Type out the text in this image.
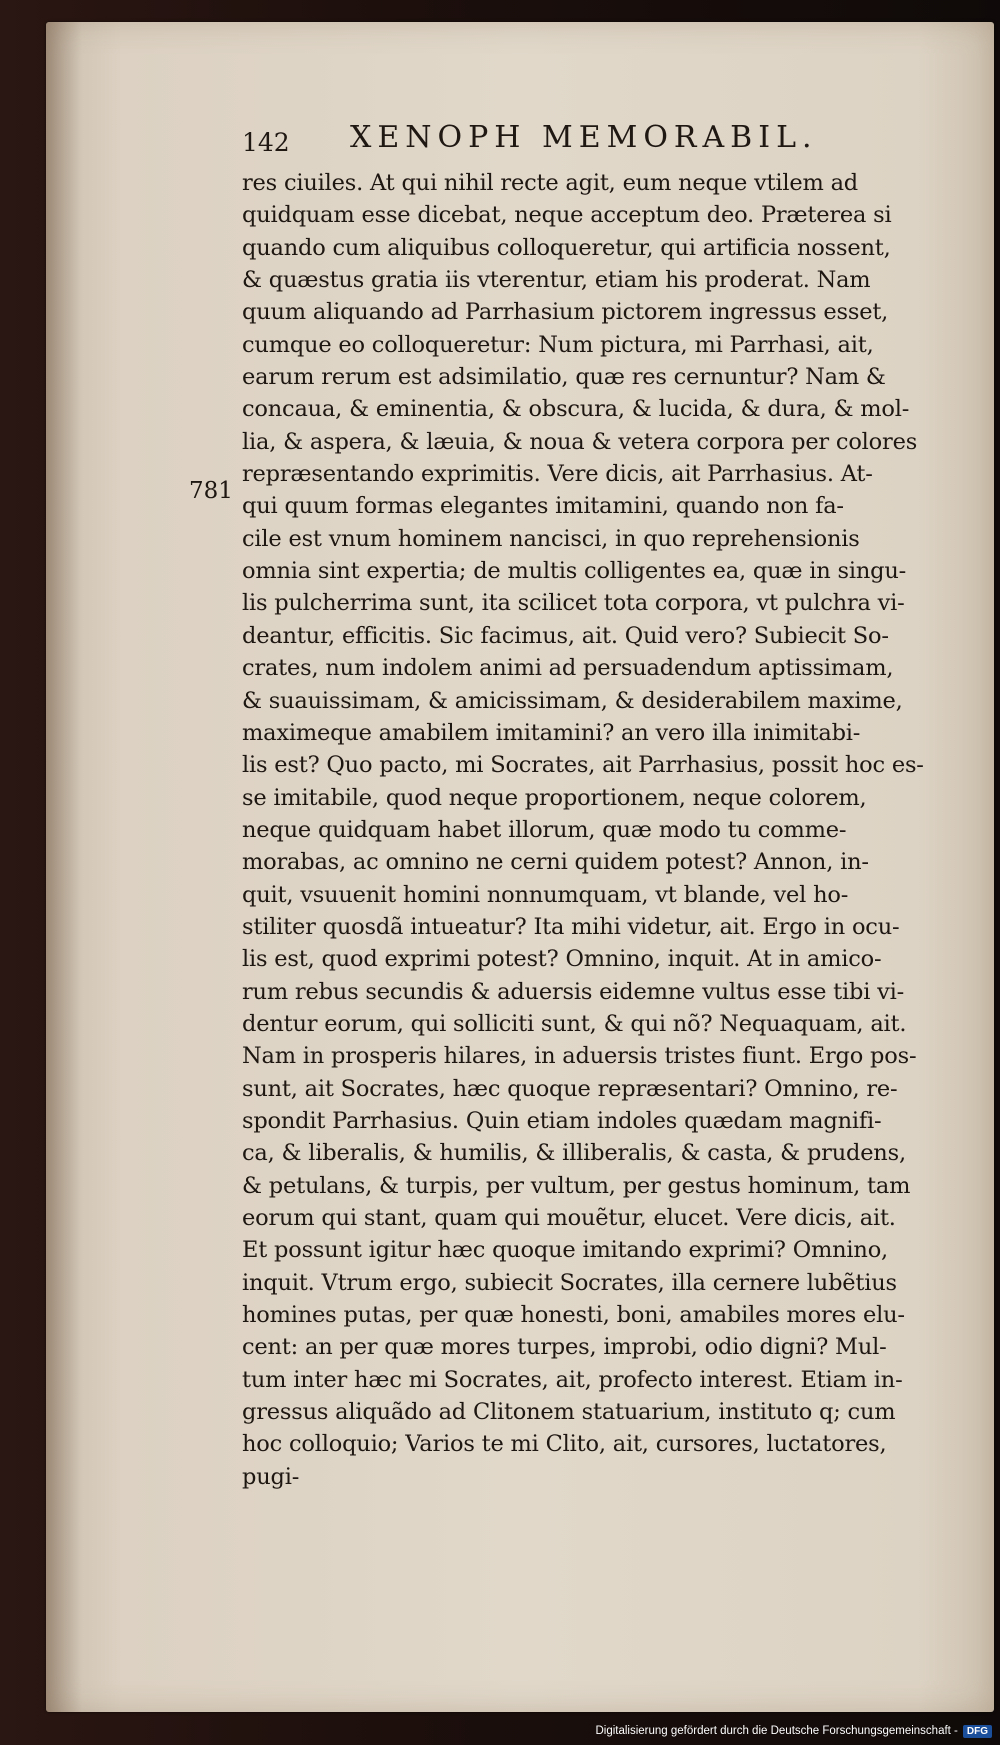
142 XENOPH MEMORABIL.
781
res ciuiles. At qui nihil recte agit, eum neque vtilem ad
quidquam esse dicebat, neque acceptum deo. Præterea si
quando cum aliquibus colloqueretur, qui artificia nossent,
& quæstus gratia iis vterentur, etiam his proderat. Nam
quum aliquando ad Parrhasium pictorem ingressus esset,
cumque eo colloqueretur: Num pictura, mi Parrhasi, ait,
earum rerum est adsimilatio, quæ res cernuntur? Nam &
concaua, & eminentia, & obscura, & lucida, & dura, & mol-
lia, & aspera, & læuia, & noua & vetera corpora per colores
repræsentando exprimitis. Vere dicis, ait Parrhasius. At-
qui quum formas elegantes imitamini, quando non fa-
cile est vnum hominem nancisci, in quo reprehensionis
omnia sint expertia; de multis colligentes ea, quæ in singu-
lis pulcherrima sunt, ita scilicet tota corpora, vt pulchra vi-
deantur, efficitis. Sic facimus, ait. Quid vero? Subiecit So-
crates, num indolem animi ad persuadendum aptissimam,
& suauissimam, & amicissimam, & desiderabilem maxime,
maximeque amabilem imitamini? an vero illa inimitabi-
lis est? Quo pacto, mi Socrates, ait Parrhasius, possit hoc es-
se imitabile, quod neque proportionem, neque colorem,
neque quidquam habet illorum, quæ modo tu comme-
morabas, ac omnino ne cerni quidem potest? Annon, in-
quit, vsuuenit homini nonnumquam, vt blande, vel ho-
stiliter quosdã intueatur? Ita mihi videtur, ait. Ergo in ocu-
lis est, quod exprimi potest? Omnino, inquit. At in amico-
rum rebus secundis & aduersis eidemne vultus esse tibi vi-
dentur eorum, qui solliciti sunt, & qui nõ? Nequaquam, ait.
Nam in prosperis hilares, in aduersis tristes fiunt. Ergo pos-
sunt, ait Socrates, hæc quoque repræsentari? Omnino, re-
spondit Parrhasius. Quin etiam indoles quædam magnifi-
ca, & liberalis, & humilis, & illiberalis, & casta, & prudens,
& petulans, & turpis, per vultum, per gestus hominum, tam
eorum qui stant, quam qui mouẽtur, elucet. Vere dicis, ait.
Et possunt igitur hæc quoque imitando exprimi? Omnino,
inquit. Vtrum ergo, subiecit Socrates, illa cernere lubẽtius
homines putas, per quæ honesti, boni, amabiles mores elu-
cent: an per quæ mores turpes, improbi, odio digni? Mul-
tum inter hæc mi Socrates, ait, profecto interest. Etiam in-
gressus aliquãdo ad Clitonem statuarium, instituto q; cum
hoc colloquio; Varios te mi Clito, ait, cursores, luctatores,
pugi-
Digitalisierung gefördert durch die Deutsche Forschungsgemeinschaft - DFG
